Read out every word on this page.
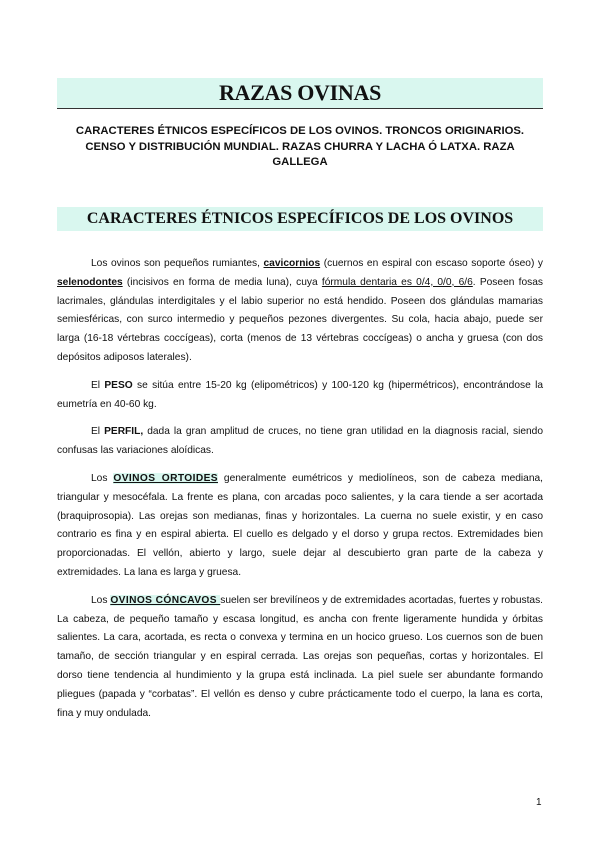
RAZAS OVINAS
CARACTERES ÉTNICOS ESPECÍFICOS DE LOS OVINOS. TRONCOS ORIGINARIOS. CENSO Y DISTRIBUCIÓN MUNDIAL. RAZAS CHURRA Y LACHA Ó LATXA. RAZA GALLEGA
CARACTERES ÉTNICOS ESPECÍFICOS DE LOS OVINOS

Los ovinos son pequeños rumiantes, cavicornios (cuernos en espiral con escaso soporte óseo) y selenodontes (incisivos en forma de media luna), cuya fórmula dentaria es 0/4, 0/0, 6/6. Poseen fosas lacrimales, glándulas interdigitales y el labio superior no está hendido. Poseen dos glándulas mamarias semiesféricas, con surco intermedio y pequeños pezones divergentes. Su cola, hacia abajo, puede ser larga (16-18 vértebras coccígeas), corta (menos de 13 vértebras coccígeas) o ancha y gruesa (con dos depósitos adiposos laterales).

El PESO se sitúa entre 15-20 kg (elipométricos) y 100-120 kg (hipermétricos), encontrándose la eumetría en 40-60 kg.

El PERFIL, dada la gran amplitud de cruces, no tiene gran utilidad en la diagnosis racial, siendo confusas las variaciones aloídicas.

Los OVINOS ORTOIDES generalmente eumétricos y mediolíneos, son de cabeza mediana, triangular y mesocéfala. La frente es plana, con arcadas poco salientes, y la cara tiende a ser acortada (braquiprosopia). Las orejas son medianas, finas y horizontales. La cuerna no suele existir, y en caso contrario es fina y en espiral abierta. El cuello es delgado y el dorso y grupa rectos. Extremidades bien proporcionadas. El vellón, abierto y largo, suele dejar al descubierto gran parte de la cabeza y extremidades. La lana es larga y gruesa.

Los OVINOS CÓNCAVOS suelen ser brevilíneos y de extremidades acortadas, fuertes y robustas. La cabeza, de pequeño tamaño y escasa longitud, es ancha con frente ligeramente hundida y órbitas salientes. La cara, acortada, es recta o convexa y termina en un hocico grueso. Los cuernos son de buen tamaño, de sección triangular y en espiral cerrada. Las orejas son pequeñas, cortas y horizontales. El dorso tiene tendencia al hundimiento y la grupa está inclinada. La piel suele ser abundante formando pliegues (papada y “corbatas”. El vellón es denso y cubre prácticamente todo el cuerpo, la lana es corta, fina y muy ondulada.

1
